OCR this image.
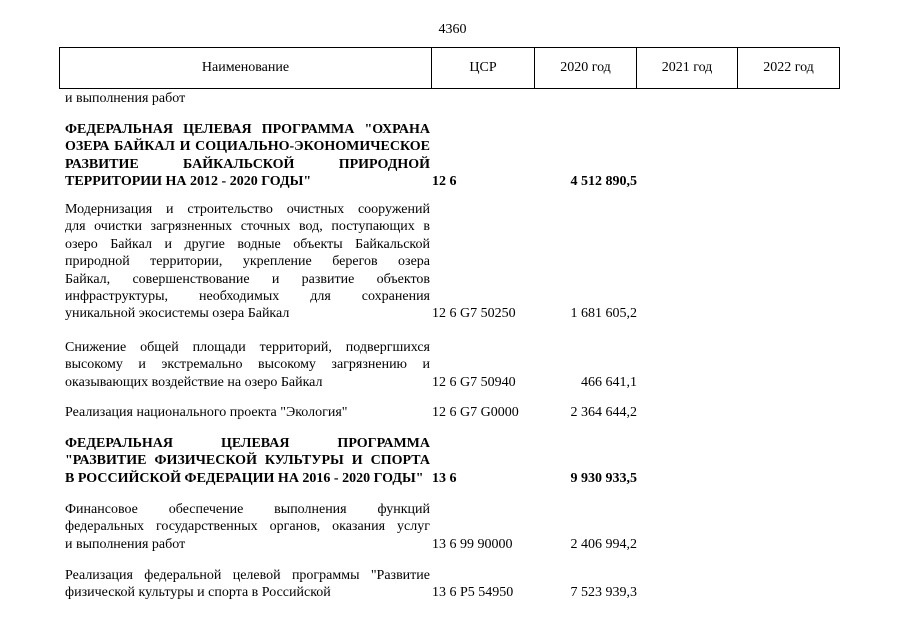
4360
Наименование	ЦСР	2020 год	2021 год	2022 год
и выполнения работ
ФЕДЕРАЛЬНАЯ ЦЕЛЕВАЯ ПРОГРАММА "ОХРАНА
ОЗЕРА БАЙКАЛ И СОЦИАЛЬНО-ЭКОНОМИЧЕСКОЕ
РАЗВИТИЕ БАЙКАЛЬСКОЙ ПРИРОДНОЙ
ТЕРРИТОРИИ НА 2012 - 2020 ГОДЫ"	12 6	4 512 890,5
Модернизация и строительство очистных сооружений
для очистки загрязненных сточных вод, поступающих в
озеро Байкал и другие водные объекты Байкальской
природной территории, укрепление берегов озера
Байкал, совершенствование и развитие объектов
инфраструктуры, необходимых для сохранения
уникальной экосистемы озера Байкал	12 6 G7 50250	1 681 605,2
Снижение общей площади территорий, подвергшихся
высокому и экстремально высокому загрязнению и
оказывающих воздействие на озеро Байкал	12 6 G7 50940	466 641,1
Реализация национального проекта "Экология"	12 6 G7 G0000	2 364 644,2
ФЕДЕРАЛЬНАЯ ЦЕЛЕВАЯ ПРОГРАММА
"РАЗВИТИЕ ФИЗИЧЕСКОЙ КУЛЬТУРЫ И СПОРТА
В РОССИЙСКОЙ ФЕДЕРАЦИИ НА 2016 - 2020 ГОДЫ" 13 6	9 930 933,5
Финансовое обеспечение выполнения функций
федеральных государственных органов, оказания услуг
и выполнения работ	13 6 99 90000	2 406 994,2
Реализация федеральной целевой программы "Развитие
физической культуры и спорта в Российской	13 6 P5 54950	7 523 939,3
